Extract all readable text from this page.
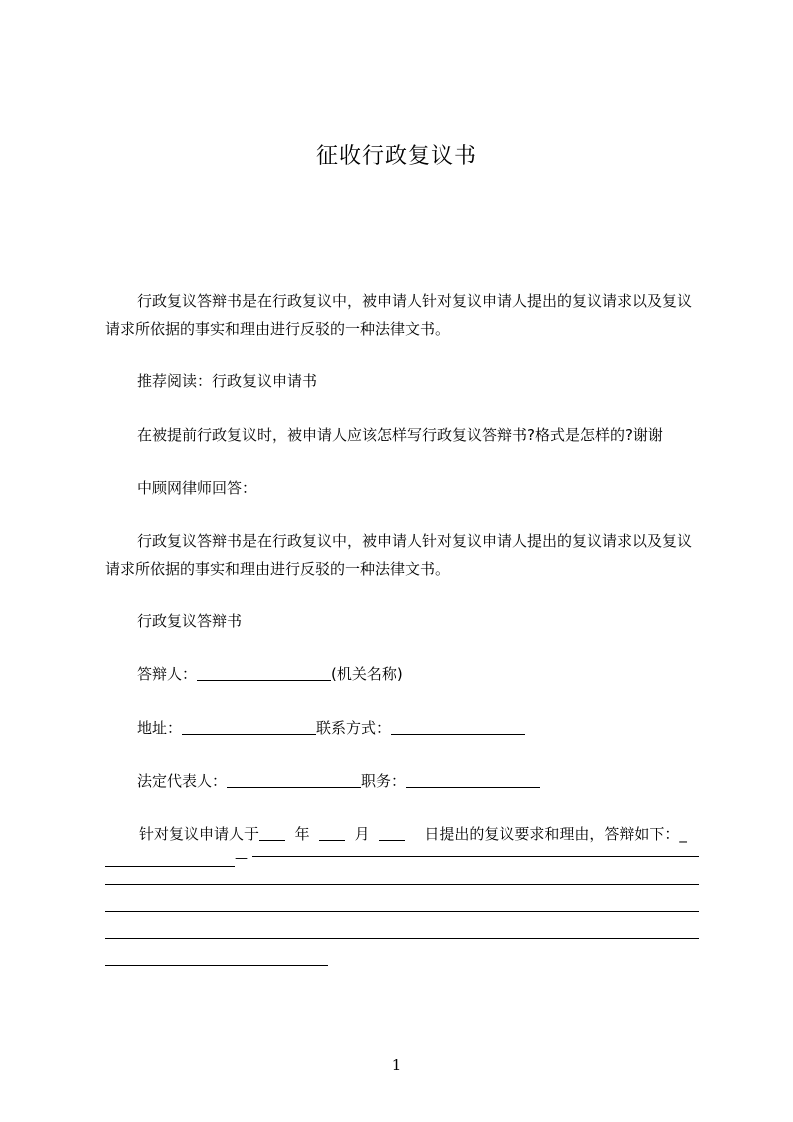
征收行政复议书

行政复议答辩书是在行政复议中，被申请人针对复议申请人提出的复议请求以及复议请求所依据的事实和理由进行反驳的一种法律文书。

推荐阅读：行政复议申请书

在被提前行政复议时，被申请人应该怎样写行政复议答辩书?格式是怎样的?谢谢

中顾网律师回答：

行政复议答辩书是在行政复议中，被申请人针对复议申请人提出的复议请求以及复议请求所依据的事实和理由进行反驳的一种法律文书。

行政复议答辩书

答辩人：	(机关名称)

地址：	联系方式：

法定代表人：	职务：

针对复议申请人于 年	月	日提出的复议要求和理由，答辩如下：_

—
1
